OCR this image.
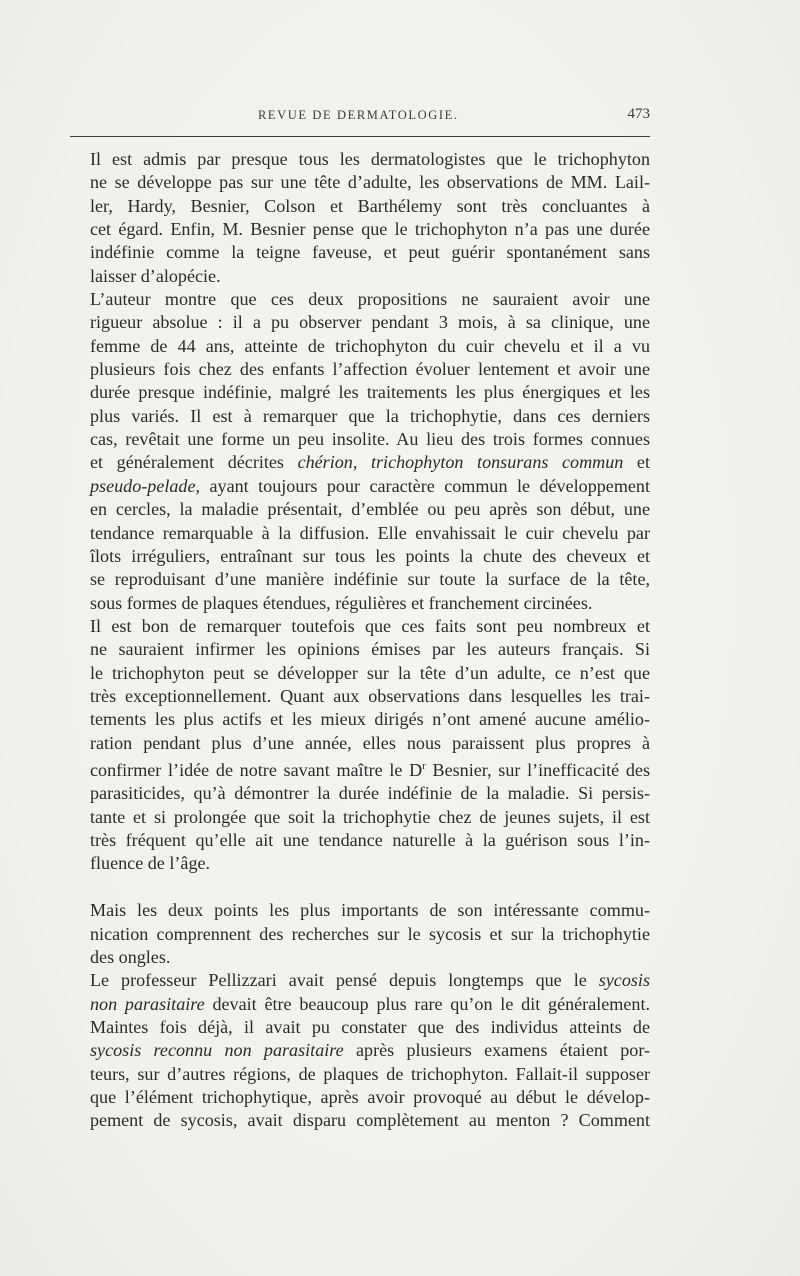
REVUE DE DERMATOLOGIE.	473
Il est admis par presque tous les dermatologistes que le trichophyton
ne se développe pas sur une tête d’adulte, les observations de MM. Lail-
ler, Hardy, Besnier, Colson et Barthélemy sont très concluantes à
cet égard. Enfin, M. Besnier pense que le trichophyton n’a pas une durée
indéfinie comme la teigne faveuse, et peut guérir spontanément sans
laisser d’alopécie.
L’auteur montre que ces deux propositions ne sauraient avoir une
rigueur absolue : il a pu observer pendant 3 mois, à sa clinique, une
femme de 44 ans, atteinte de trichophyton du cuir chevelu et il a vu
plusieurs fois chez des enfants l’affection évoluer lentement et avoir une
durée presque indéfinie, malgré les traitements les plus énergiques et les
plus variés. Il est à remarquer que la trichophytie, dans ces derniers
cas, revêtait une forme un peu insolite. Au lieu des trois formes connues
et généralement décrites chérion, trichophyton tonsurans commun et
pseudo-pelade, ayant toujours pour caractère commun le développement
en cercles, la maladie présentait, d’emblée ou peu après son début, une
tendance remarquable à la diffusion. Elle envahissait le cuir chevelu par
îlots irréguliers, entraînant sur tous les points la chute des cheveux et
se reproduisant d’une manière indéfinie sur toute la surface de la tête,
sous formes de plaques étendues, régulières et franchement circinées.
Il est bon de remarquer toutefois que ces faits sont peu nombreux et
ne sauraient infirmer les opinions émises par les auteurs français. Si
le trichophyton peut se développer sur la tête d’un adulte, ce n’est que
très exceptionnellement. Quant aux observations dans lesquelles les trai-
tements les plus actifs et les mieux dirigés n’ont amené aucune amélio-
ration pendant plus d’une année, elles nous paraissent plus propres à
confirmer l’idée de notre savant maître le $D^r$ Besnier, sur l’inefficacité des
parasiticides, qu’à démontrer la durée indéfinie de la maladie. Si persis-
tante et si prolongée que soit la trichophytie chez de jeunes sujets, il est
très fréquent qu’elle ait une tendance naturelle à la guérison sous l’in-
fluence de l’âge.
Mais les deux points les plus importants de son intéressante commu-
nication comprennent des recherches sur le sycosis et sur la trichophytie
des ongles.
Le professeur Pellizzari avait pensé depuis longtemps que le sycosis
non parasitaire devait être beaucoup plus rare qu’on le dit généralement.
Maintes fois déjà, il avait pu constater que des individus atteints de
sycosis reconnu non parasitaire après plusieurs examens étaient por-
teurs, sur d’autres régions, de plaques de trichophyton. Fallait-il supposer
que l’élément trichophytique, après avoir provoqué au début le dévelop-
pement de sycosis, avait disparu complètement au menton ? Comment
